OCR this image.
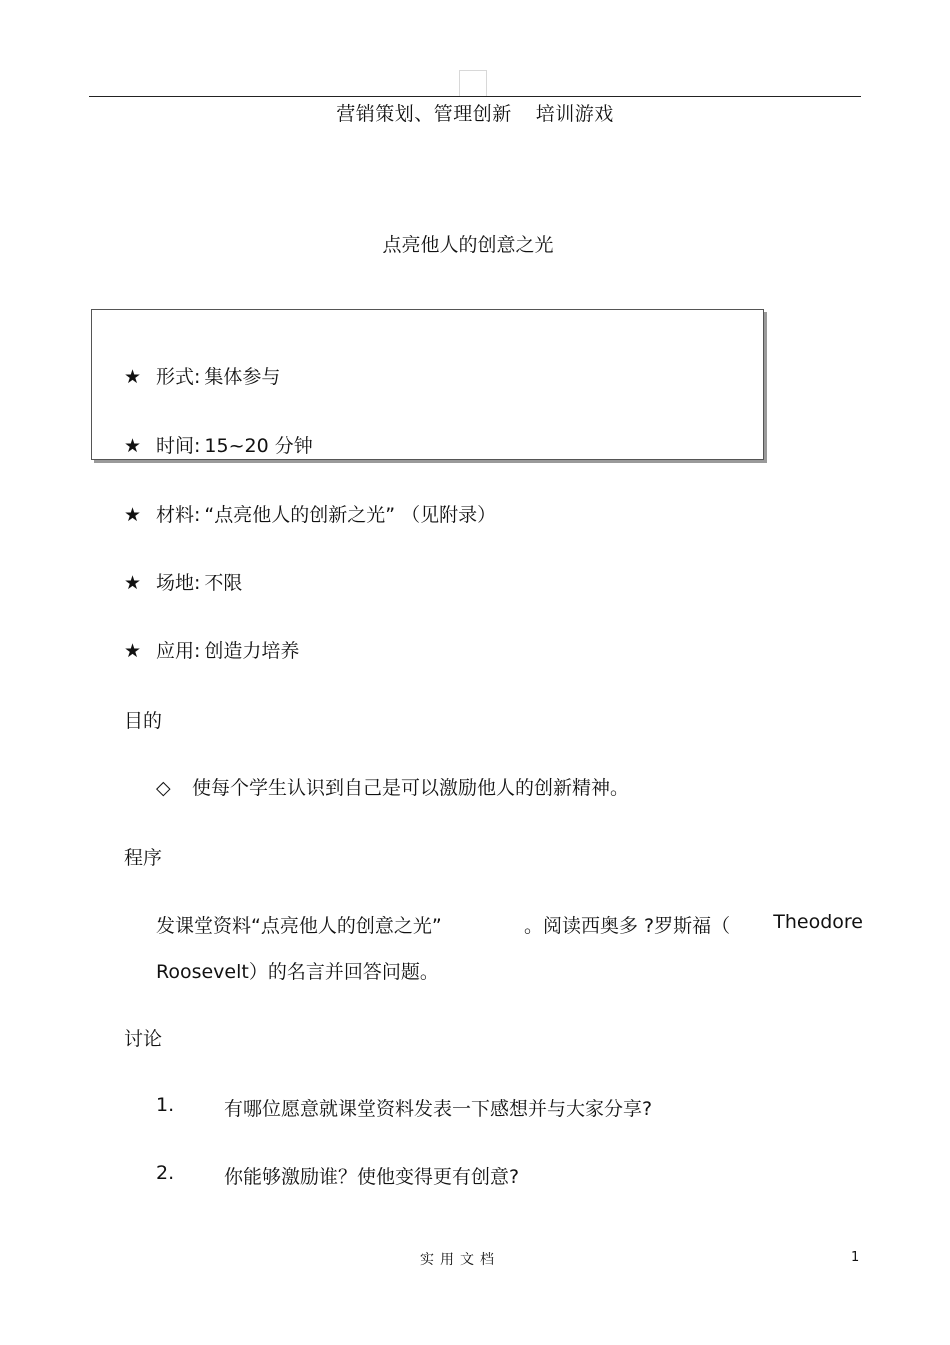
营销策划、管理创新 培训游戏
点亮他人的创意之光
★ 形式: 集体参与
★ 时间: 15~20 分钟
★ 材料: “点亮他人的创新之光” （见附录）
★ 场地: 不限
★ 应用: 创造力培养
目的
◇ 使每个学生认识到自己是可以激励他人的创新精神。
程序
发课堂资料“点亮他人的创意之光”	。阅读西奥多 ?罗斯福（ Theodore
Roosevelt）的名言并回答问题。
讨论
1.	有哪位愿意就课堂资料发表一下感想并与大家分享?
2.	你能够激励谁？使他变得更有创意?
实用文档	1
